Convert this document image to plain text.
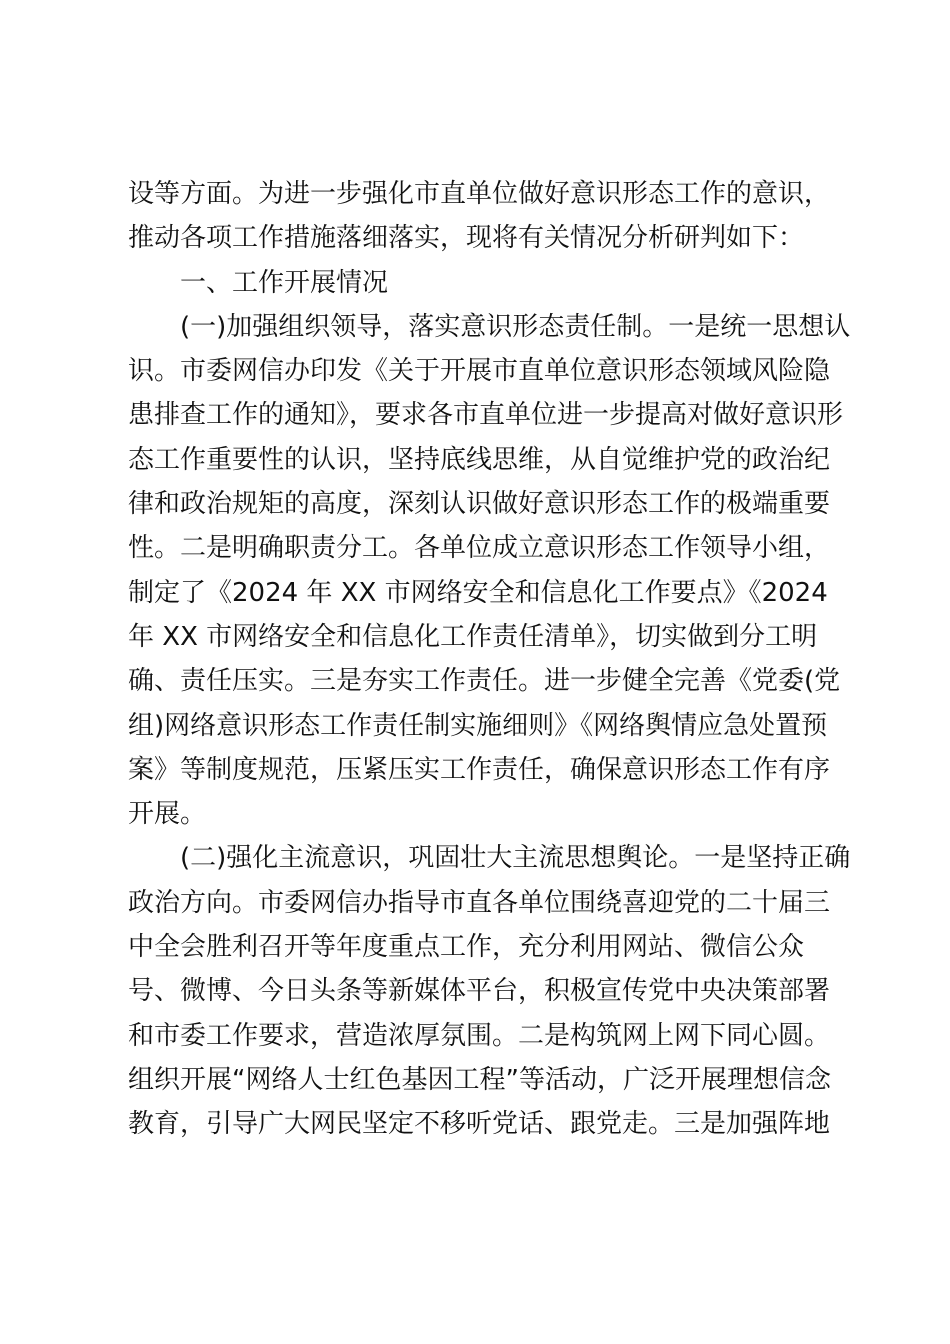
设等方面。为进一步强化市直单位做好意识形态工作的意识，
推动各项工作措施落细落实，现将有关情况分析研判如下：
一、工作开展情况
(一)加强组织领导，落实意识形态责任制。一是统一思想认
识。市委网信办印发《关于开展市直单位意识形态领域风险隐
患排查工作的通知》，要求各市直单位进一步提高对做好意识形
态工作重要性的认识，坚持底线思维，从自觉维护党的政治纪
律和政治规矩的高度，深刻认识做好意识形态工作的极端重要
性。二是明确职责分工。各单位成立意识形态工作领导小组，
制定了《2024 年 XX 市网络安全和信息化工作要点》《2024
年 XX 市网络安全和信息化工作责任清单》，切实做到分工明
确、责任压实。三是夯实工作责任。进一步健全完善《党委(党
组)网络意识形态工作责任制实施细则》《网络舆情应急处置预
案》等制度规范，压紧压实工作责任，确保意识形态工作有序
开展。
(二)强化主流意识，巩固壮大主流思想舆论。一是坚持正确
政治方向。市委网信办指导市直各单位围绕喜迎党的二十届三
中全会胜利召开等年度重点工作，充分利用网站、微信公众
号、微博、今日头条等新媒体平台，积极宣传党中央决策部署
和市委工作要求，营造浓厚氛围。二是构筑网上网下同心圆。
组织开展“网络人士红色基因工程”等活动，广泛开展理想信念
教育，引导广大网民坚定不移听党话、跟党走。三是加强阵地
